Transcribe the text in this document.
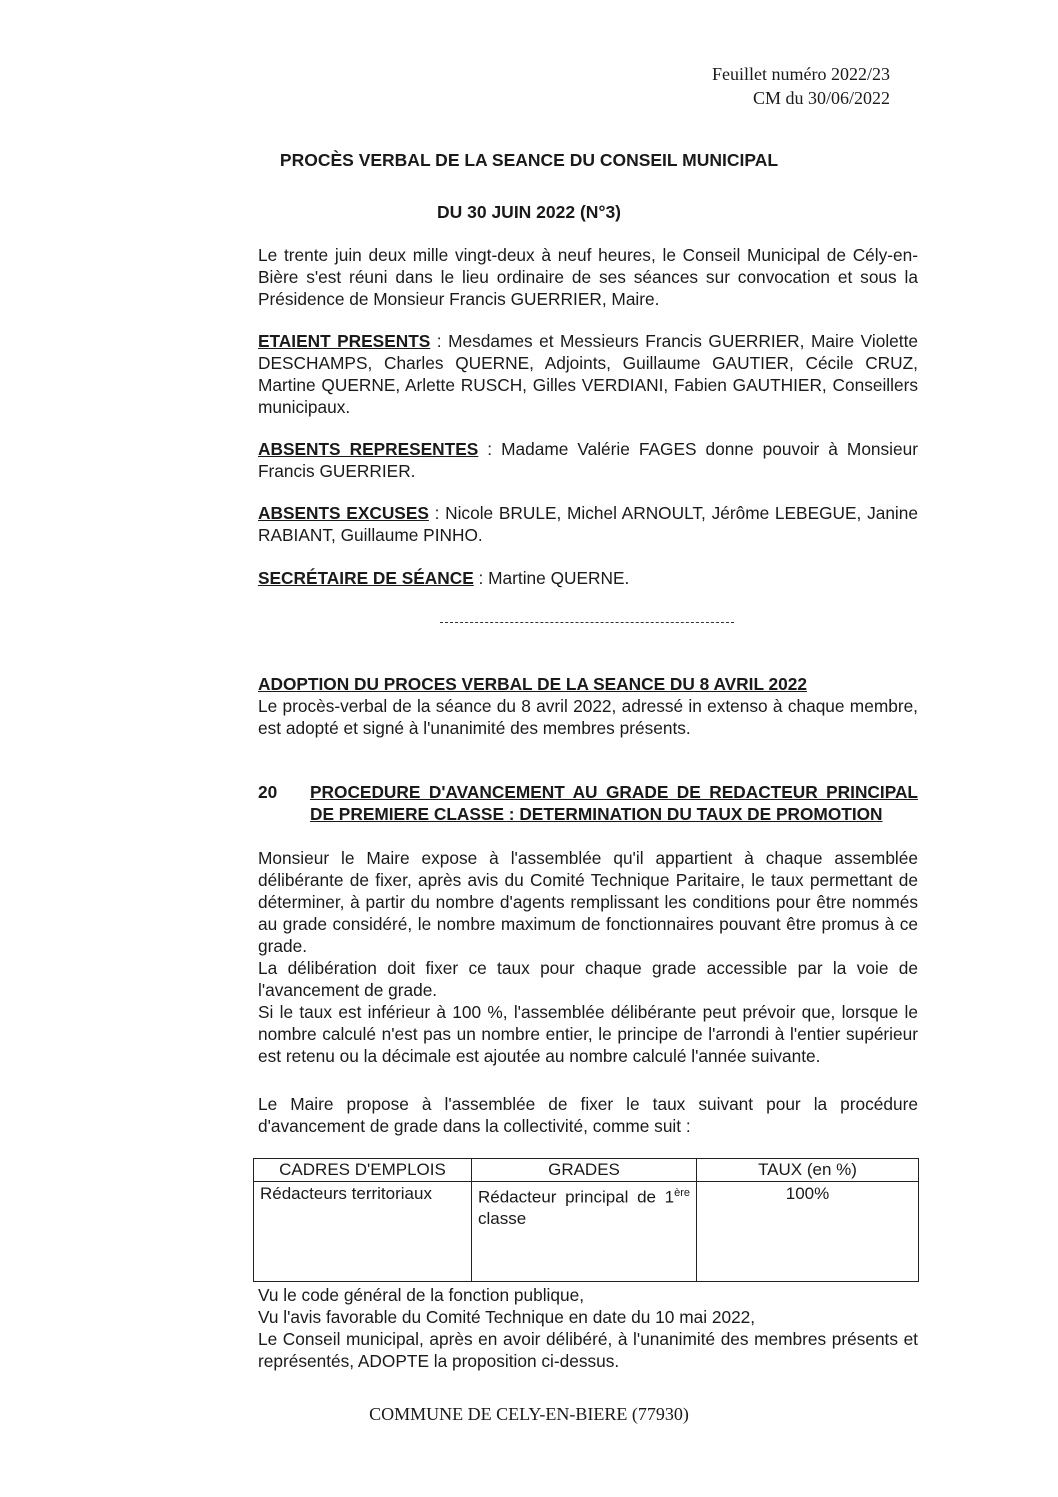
Feuillet numéro 2022/23
CM du 30/06/2022
PROCÈS VERBAL DE LA SEANCE DU CONSEIL MUNICIPAL
DU 30 JUIN 2022 (N°3)

Le trente juin deux mille vingt-deux à neuf heures, le Conseil Municipal de Cély-en-Bière s'est réuni dans le lieu ordinaire de ses séances sur convocation et sous la Présidence de Monsieur Francis GUERRIER, Maire.

ETAIENT PRESENTS : Mesdames et Messieurs Francis GUERRIER, Maire Violette DESCHAMPS, Charles QUERNE, Adjoints, Guillaume GAUTIER, Cécile CRUZ, Martine QUERNE, Arlette RUSCH, Gilles VERDIANI, Fabien GAUTHIER, Conseillers municipaux.

ABSENTS REPRESENTES : Madame Valérie FAGES donne pouvoir à Monsieur Francis GUERRIER.

ABSENTS EXCUSES : Nicole BRULE, Michel ARNOULT, Jérôme LEBEGUE, Janine RABIANT, Guillaume PINHO.

SECRÉTAIRE DE SÉANCE : Martine QUERNE.

ADOPTION DU PROCES VERBAL DE LA SEANCE DU 8 AVRIL 2022

Le procès-verbal de la séance du 8 avril 2022, adressé in extenso à chaque membre, est adopté et signé à l'unanimité des membres présents.

20	PROCEDURE D'AVANCEMENT AU GRADE DE REDACTEUR PRINCIPAL DE PREMIERE CLASSE : DETERMINATION DU TAUX DE PROMOTION

Monsieur le Maire expose à l'assemblée qu'il appartient à chaque assemblée délibérante de fixer, après avis du Comité Technique Paritaire, le taux permettant de déterminer, à partir du nombre d'agents remplissant les conditions pour être nommés au grade considéré, le nombre maximum de fonctionnaires pouvant être promus à ce grade.

La délibération doit fixer ce taux pour chaque grade accessible par la voie de l'avancement de grade.

Si le taux est inférieur à 100 %, l'assemblée délibérante peut prévoir que, lorsque le nombre calculé n'est pas un nombre entier, le principe de l'arrondi à l'entier supérieur est retenu ou la décimale est ajoutée au nombre calculé l'année suivante.

Le Maire propose à l'assemblée de fixer le taux suivant pour la procédure d'avancement de grade dans la collectivité, comme suit :

CADRES D'EMPLOIS	GRADES	TAUX (en %)
Rédacteurs territoriaux	Rédacteur principal de 1ère classe	100%

Vu le code général de la fonction publique,

Vu l'avis favorable du Comité Technique en date du 10 mai 2022,

Le Conseil municipal, après en avoir délibéré, à l'unanimité des membres présents et représentés, ADOPTE la proposition ci-dessus.

COMMUNE DE CELY-EN-BIERE (77930)
